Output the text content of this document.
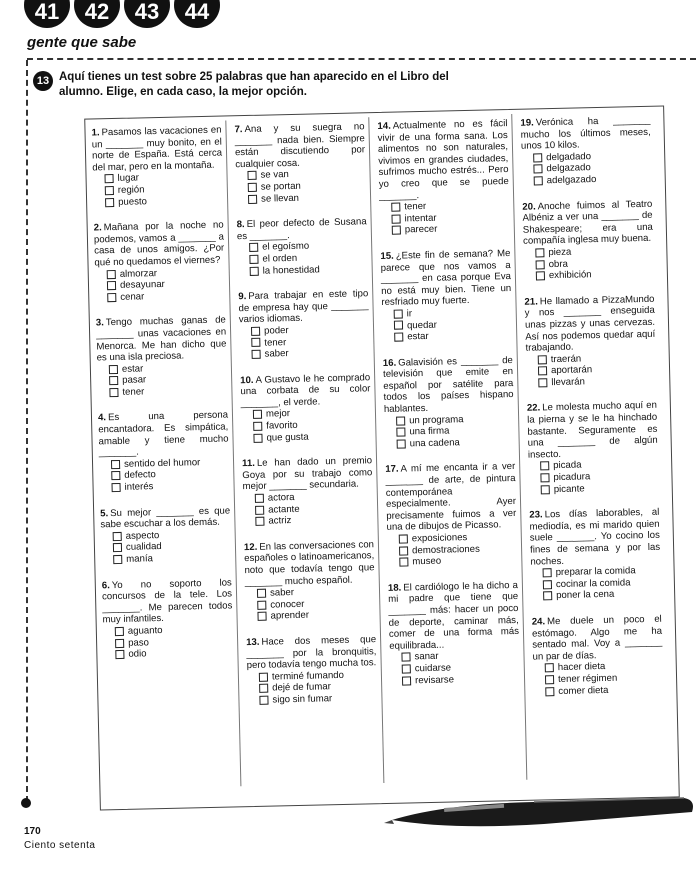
41	42	43	44
gente que sabe
13 Aquí tienes un test sobre 25 palabras que han aparecido en el Libro del alumno. Elige, en cada caso, la mejor opción.
1. Pasamos las vacaciones en un _______ muy bonito, en el norte de España. Está cerca del mar, pero en la montaña.
lugar
región
puesto
2. Mañana por la noche no podemos, vamos a _______ a casa de unos amigos. ¿Por qué no quedamos el viernes?
almorzar
desayunar
cenar
3. Tengo muchas ganas de _______ unas vacaciones en Menorca. Me han dicho que es una isla preciosa.
estar
pasar
tener
4. Es una persona encantadora. Es simpática, amable y tiene mucho _______.
sentido del humor
defecto
interés
5. Su mejor _______ es que sabe escuchar a los demás.
aspecto
cualidad
manía
6. Yo no soporto los concursos de la tele. Los _______. Me parecen todos muy infantiles.
aguanto
paso
odio
7. Ana y su suegra no _______ nada bien. Siempre están discutiendo por cualquier cosa.
se van
se portan
se llevan
8. El peor defecto de Susana es _______.
el egoísmo
el orden
la honestidad
9. Para trabajar en este tipo de empresa hay que _______ varios idiomas.
poder
tener
saber
10. A Gustavo le he comprado una corbata de su color _______, el verde.
mejor
favorito
que gusta
11. Le han dado un premio Goya por su trabajo como mejor _______ secundaria.
actora
actante
actriz
12. En las conversaciones con españoles o latinoamericanos, noto que todavía tengo que _______ mucho español.
saber
conocer
aprender
13. Hace dos meses que _______ por la bronquitis, pero todavía tengo mucha tos.
terminé fumando
dejé de fumar
sigo sin fumar
14. Actualmente no es fácil vivir de una forma sana. Los alimentos no son naturales, vivimos en grandes ciudades, sufrimos mucho estrés... Pero yo creo que se puede _______.
tener
intentar
parecer
15. ¿Este fin de semana? Me parece que nos vamos a _______ en casa porque Eva no está muy bien. Tiene un resfriado muy fuerte.
ir
quedar
estar
16. Galavisión es _______ de televisión que emite en español por satélite para todos los países hispano hablantes.
un programa
una firma
una cadena
17. A mí me encanta ir a ver _______ de arte, de pintura contemporánea especialmente. Ayer precisamente fuimos a ver una de dibujos de Picasso.
exposiciones
demostraciones
museo
18. El cardiólogo le ha dicho a mi padre que tiene que _______ más: hacer un poco de deporte, caminar más, comer de una forma más equilibrada...
sanar
cuidarse
revisarse
19. Verónica ha _______ mucho los últimos meses, unos 10 kilos.
delgadado
delgazado
adelgazado
20. Anoche fuimos al Teatro Albéniz a ver una _______ de Shakespeare; era una compañía inglesa muy buena.
pieza
obra
exhibición
21. He llamado a PizzaMundo y nos _______ enseguida unas pizzas y unas cervezas. Así nos podemos quedar aquí trabajando.
traerán
aportarán
llevarán
22. Le molesta mucho aquí en la pierna y se le ha hinchado bastante. Seguramente es una _______ de algún insecto.
picada
picadura
picante
23. Los días laborables, al mediodía, es mi marido quien suele _______. Yo cocino los fines de semana y por las noches.
preparar la comida
cocinar la comida
poner la cena
24. Me duele un poco el estómago. Algo me ha sentado mal. Voy a _______ un par de días.
hacer dieta
tener régimen
comer dieta
170
Ciento setenta
